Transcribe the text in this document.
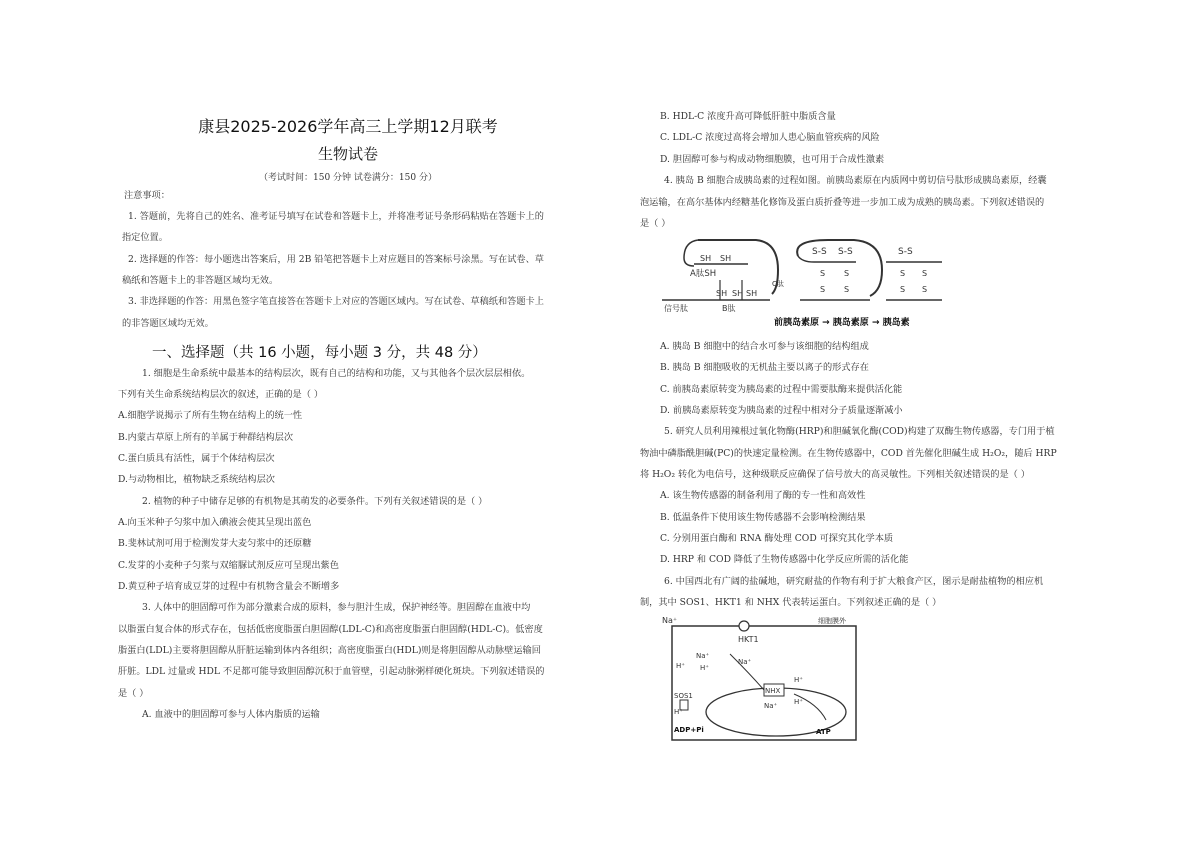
康县2025-2026学年高三上学期12月联考
生物试卷
（考试时间：150 分钟 试卷满分：150 分）
注意事项：
1. 答题前，先将自己的姓名、准考证号填写在试卷和答题卡上，并将准考证号条形码粘贴在答题卡上的
指定位置。
2. 选择题的作答：每小题选出答案后，用 2B 铅笔把答题卡上对应题目的答案标号涂黑。写在试卷、草
稿纸和答题卡上的非答题区域均无效。
3. 非选择题的作答：用黑色签字笔直接答在答题卡上对应的答题区域内。写在试卷、草稿纸和答题卡上
的非答题区域均无效。
一、选择题（共 16 小题，每小题 3 分，共 48 分）
1. 细胞是生命系统中最基本的结构层次，既有自己的结构和功能，又与其他各个层次层层相依。
下列有关生命系统结构层次的叙述，正确的是（ ）
A.细胞学说揭示了所有生物在结构上的统一性
B.内蒙古草原上所有的羊属于种群结构层次
C.蛋白质具有活性，属于个体结构层次
D.与动物相比，植物缺乏系统结构层次
2. 植物的种子中储存足够的有机物是其萌发的必要条件。下列有关叙述错误的是（ ）
A.向玉米种子匀浆中加入碘液会使其呈现出蓝色
B.斐林试剂可用于检测发芽大麦匀浆中的还原糖
C.发芽的小麦种子匀浆与双缩脲试剂反应可呈现出紫色
D.黄豆种子培育成豆芽的过程中有机物含量会不断增多
3. 人体中的胆固醇可作为部分激素合成的原料，参与胆汁生成，保护神经等。胆固醇在血液中均
以脂蛋白复合体的形式存在，包括低密度脂蛋白胆固醇(LDL-C)和高密度脂蛋白胆固醇(HDL-C)。低密度
脂蛋白(LDL)主要将胆固醇从肝脏运输到体内各组织；高密度脂蛋白(HDL)则是将胆固醇从动脉壁运输回
肝脏。LDL 过量或 HDL 不足都可能导致胆固醇沉积于血管壁，引起动脉粥样硬化斑块。下列叙述错误的
是（ ）
A. 血液中的胆固醇可参与人体内脂质的运输
B. HDL-C 浓度升高可降低肝脏中脂质含量
C. LDL-C 浓度过高将会增加人患心脑血管疾病的风险
D. 胆固醇可参与构成动物细胞膜，也可用于合成性激素
4. 胰岛 B 细胞合成胰岛素的过程如图。前胰岛素原在内质网中剪切信号肽形成胰岛素原，经囊
泡运输，在高尔基体内经糖基化修饰及蛋白质折叠等进一步加工成为成熟的胰岛素。下列叙述错误的
是（ ）
SH SH
A肽SH
SH SH SH
B肽
信号肽
C肽
S-S S-S
S S
S S
S-S
S S
S S
前胰岛素原 → 胰岛素原 → 胰岛素
A. 胰岛 B 细胞中的结合水可参与该细胞的结构组成
B. 胰岛 B 细胞吸收的无机盐主要以离子的形式存在
C. 前胰岛素原转变为胰岛素的过程中需要肽酶来提供活化能
D. 前胰岛素原转变为胰岛素的过程中相对分子质量逐渐减小
5. 研究人员利用辣根过氧化物酶(HRP)和胆碱氧化酶(COD)构建了双酶生物传感器，专门用于植
物油中磷脂酰胆碱(PC)的快速定量检测。在生物传感器中，COD 首先催化胆碱生成 H₂O₂，随后 HRP
将 H₂O₂ 转化为电信号，这种级联反应确保了信号放大的高灵敏性。下列相关叙述错误的是（ ）
A. 该生物传感器的制备利用了酶的专一性和高效性
B. 低温条件下使用该生物传感器不会影响检测结果
C. 分别用蛋白酶和 RNA 酶处理 COD 可探究其化学本质
D. HRP 和 COD 降低了生物传感器中化学反应所需的活化能
6. 中国西北有广阔的盐碱地，研究耐盐的作物有利于扩大粮食产区，图示是耐盐植物的相应机
制，其中 SOS1、HKT1 和 NHX 代表转运蛋白。下列叙述正确的是（ ）
Na⁺
HKT1
细胞膜外
H⁺ H⁺
Na⁺
Na⁺
NHX
H⁺
Na⁺ H⁺
SOS1
H⁺
ADP+Pi	ATP
